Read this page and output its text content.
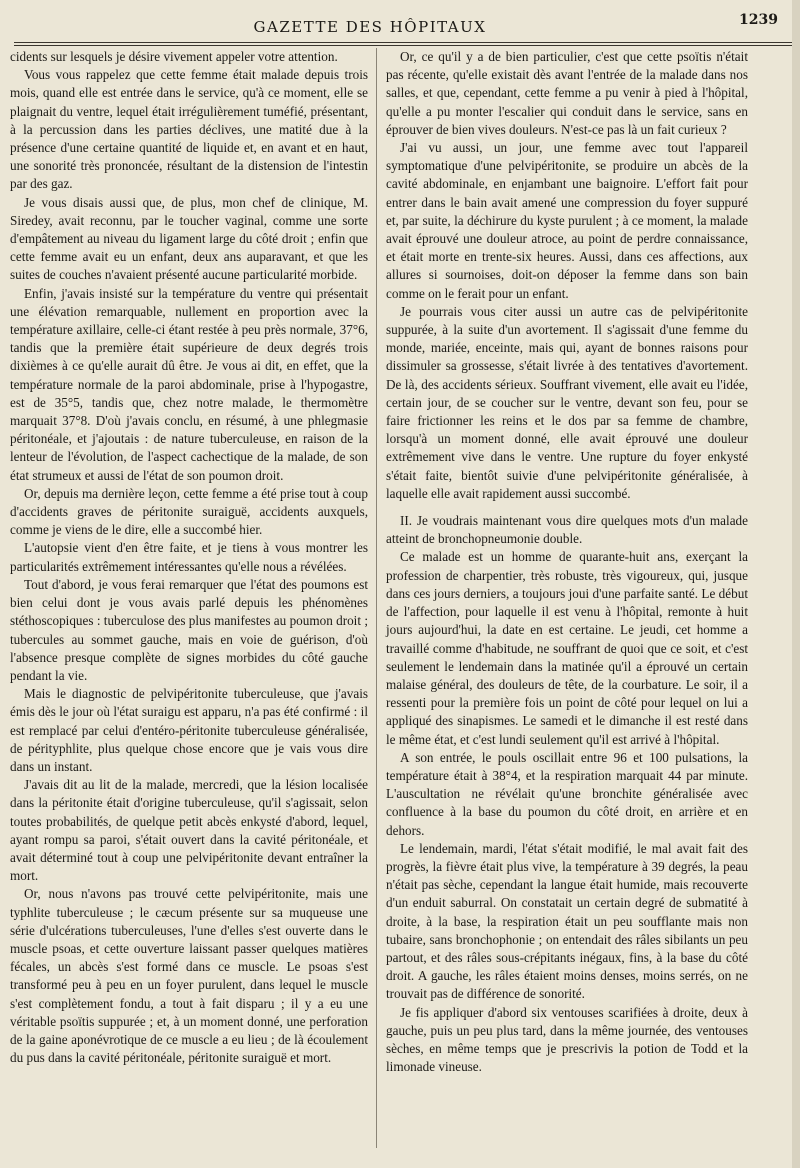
GAZETTE DES HÔPITAUX	1239

cidents sur lesquels je désire vivement appeler votre attention.

Vous vous rappelez que cette femme était malade depuis trois mois, quand elle est entrée dans le service, qu'à ce moment, elle se plaignait du ventre, lequel était irrégulièrement tuméfié, présentant, à la percussion dans les parties déclives, une matité due à la présence d'une certaine quantité de liquide et, en avant et en haut, une sonorité très prononcée, résultant de la distension de l'intestin par des gaz.

Je vous disais aussi que, de plus, mon chef de clinique, M. Siredey, avait reconnu, par le toucher vaginal, comme une sorte d'empâtement au niveau du ligament large du côté droit ; enfin que cette femme avait eu un enfant, deux ans auparavant, et que les suites de couches n'avaient présenté aucune particularité morbide.

Enfin, j'avais insisté sur la température du ventre qui présentait une élévation remarquable, nullement en proportion avec la température axillaire, celle-ci étant restée à peu près normale, 37°6, tandis que la première était supérieure de deux degrés trois dixièmes à ce qu'elle aurait dû être. Je vous ai dit, en effet, que la température normale de la paroi abdominale, prise à l'hypogastre, est de 35°5, tandis que, chez notre malade, le thermomètre marquait 37°8. D'où j'avais conclu, en résumé, à une phlegmasie péritonéale, et j'ajoutais : de nature tuberculeuse, en raison de la lenteur de l'évolution, de l'aspect cachectique de la malade, de son état strumeux et aussi de l'état de son poumon droit.

Or, depuis ma dernière leçon, cette femme a été prise tout à coup d'accidents graves de péritonite suraiguë, accidents auxquels, comme je viens de le dire, elle a succombé hier.

L'autopsie vient d'en être faite, et je tiens à vous montrer les particularités extrêmement intéressantes qu'elle nous a révélées.

Tout d'abord, je vous ferai remarquer que l'état des poumons est bien celui dont je vous avais parlé depuis les phénomènes stéthoscopiques : tuberculose des plus manifestes au poumon droit ; tubercules au sommet gauche, mais en voie de guérison, d'où l'absence presque complète de signes morbides du côté gauche pendant la vie.

Mais le diagnostic de pelvipéritonite tuberculeuse, que j'avais émis dès le jour où l'état suraigu est apparu, n'a pas été confirmé : il est remplacé par celui d'entéro-péritonite tuberculeuse généralisée, de pérityphlite, plus quelque chose encore que je vais vous dire dans un instant.

J'avais dit au lit de la malade, mercredi, que la lésion localisée dans la péritonite était d'origine tuberculeuse, qu'il s'agissait, selon toutes probabilités, de quelque petit abcès enkysté d'abord, lequel, ayant rompu sa paroi, s'était ouvert dans la cavité péritonéale, et avait déterminé tout à coup une pelvipéritonite devant entraîner la mort.

Or, nous n'avons pas trouvé cette pelvipéritonite, mais une typhlite tuberculeuse ; le cæcum présente sur sa muqueuse une série d'ulcérations tuberculeuses, l'une d'elles s'est ouverte dans le muscle psoas, et cette ouverture laissant passer quelques matières fécales, un abcès s'est formé dans ce muscle. Le psoas s'est transformé peu à peu en un foyer purulent, dans lequel le muscle s'est complètement fondu, a tout à fait disparu ; il y a eu une véritable psoïtis suppurée ; et, à un moment donné, une perforation de la gaine aponévrotique de ce muscle a eu lieu ; de là écoulement du pus dans la cavité péritonéale, péritonite suraiguë et mort.

Or, ce qu'il y a de bien particulier, c'est que cette psoïtis n'était pas récente, qu'elle existait dès avant l'entrée de la malade dans nos salles, et que, cependant, cette femme a pu venir à pied à l'hôpital, qu'elle a pu monter l'escalier qui conduit dans le service, sans en éprouver de bien vives douleurs. N'est-ce pas là un fait curieux ?

J'ai vu aussi, un jour, une femme avec tout l'appareil symptomatique d'une pelvipéritonite, se produire un abcès de la cavité abdominale, en enjambant une baignoire. L'effort fait pour entrer dans le bain avait amené une compression du foyer suppuré et, par suite, la déchirure du kyste purulent ; à ce moment, la malade avait éprouvé une douleur atroce, au point de perdre connaissance, et était morte en trente-six heures. Aussi, dans ces affections, aux allures si sournoises, doit-on déposer la femme dans son bain comme on le ferait pour un enfant.

Je pourrais vous citer aussi un autre cas de pelvipéritonite suppurée, à la suite d'un avortement. Il s'agissait d'une femme du monde, mariée, enceinte, mais qui, ayant de bonnes raisons pour dissimuler sa grossesse, s'était livrée à des tentatives d'avortement. De là, des accidents sérieux. Souffrant vivement, elle avait eu l'idée, certain jour, de se coucher sur le ventre, devant son feu, pour se faire frictionner les reins et le dos par sa femme de chambre, lorsqu'à un moment donné, elle avait éprouvé une douleur extrêmement vive dans le ventre. Une rupture du foyer enkysté s'était faite, bientôt suivie d'une pelvipéritonite généralisée, à laquelle elle avait rapidement aussi succombé.

II. Je voudrais maintenant vous dire quelques mots d'un malade atteint de bronchopneumonie double.

Ce malade est un homme de quarante-huit ans, exerçant la profession de charpentier, très robuste, très vigoureux, qui, jusque dans ces jours derniers, a toujours joui d'une parfaite santé. Le début de l'affection, pour laquelle il est venu à l'hôpital, remonte à huit jours aujourd'hui, la date en est certaine. Le jeudi, cet homme a travaillé comme d'habitude, ne souffrant de quoi que ce soit, et c'est seulement le lendemain dans la matinée qu'il a éprouvé un certain malaise général, des douleurs de tête, de la courbature. Le soir, il a ressenti pour la première fois un point de côté pour lequel on lui a appliqué des sinapismes. Le samedi et le dimanche il est resté dans le même état, et c'est lundi seulement qu'il est arrivé à l'hôpital.

A son entrée, le pouls oscillait entre 96 et 100 pulsations, la température était à 38°4, et la respiration marquait 44 par minute. L'auscultation ne révélait qu'une bronchite généralisée avec confluence à la base du poumon du côté droit, en arrière et en dehors.

Le lendemain, mardi, l'état s'était modifié, le mal avait fait des progrès, la fièvre était plus vive, la température à 39 degrés, la peau n'était pas sèche, cependant la langue était humide, mais recouverte d'un enduit saburral. On constatait un certain degré de submatité à droite, à la base, la respiration était un peu soufflante mais non tubaire, sans bronchophonie ; on entendait des râles sibilants un peu partout, et des râles sous-crépitants inégaux, fins, à la base du côté droit. A gauche, les râles étaient moins denses, moins serrés, on ne trouvait pas de différence de sonorité.

Je fis appliquer d'abord six ventouses scarifiées à droite, deux à gauche, puis un peu plus tard, dans la même journée, des ventouses sèches, en même temps que je prescrivis la potion de Todd et la limonade vineuse.
